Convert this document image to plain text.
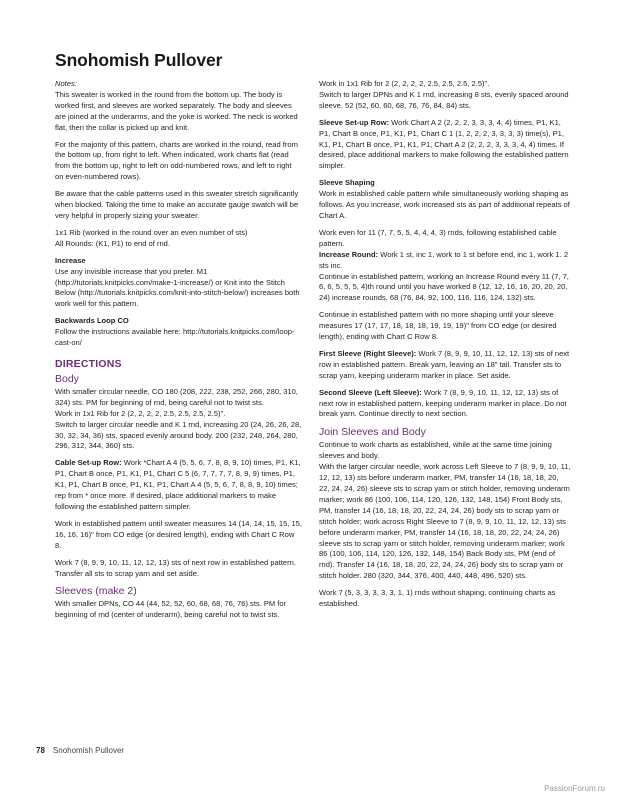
Snohomish Pullover

Notes:

This sweater is worked in the round from the bottom up. The body is worked first, and sleeves are worked separately. The body and sleeves are joined at the underarms, and the yoke is worked. The neck is worked flat, then the collar is picked up and knit.

For the majority of this pattern, charts are worked in the round, read from the bottom up, from right to left. When indicated, work charts flat (read from the bottom up, right to left on odd-numbered rows, and left to right on even-numbered rows).

Be aware that the cable patterns used in this sweater stretch significantly when blocked. Taking the time to make an accurate gauge swatch will be very helpful in properly sizing your sweater.

1x1 Rib (worked in the round over an even number of sts)

All Rounds: (K1, P1) to end of rnd.

Increase

Use any invisible increase that you prefer. M1 (http://tutorials.knitpicks.com/make-1-increase/) or Knit into the Stitch Below (http://tutorials.knitpicks.com/knit-into-stitch-below/) increases both work well for this pattern.

Backwards Loop CO

Follow the instructions available here: http://tutorials.knitpicks.com/loop-cast-on/

DIRECTIONS
Body

With smaller circular needle, CO 180 (208, 222, 238, 252, 266, 280, 310, 324) sts. PM for beginning of rnd, being careful not to twist sts.

Work in 1x1 Rib for 2 (2, 2, 2, 2, 2.5, 2.5, 2.5, 2.5)".

Switch to larger circular needle and K 1 rnd, increasing 20 (24, 26, 26, 28, 30, 32, 34, 36) sts, spaced evenly around body. 200 (232, 248, 264, 280, 296, 312, 344, 360) sts.

Cable Set-up Row: Work *Chart A 4 (5, 5, 6, 7, 8, 8, 9, 10) times, P1, K1, P1, Chart B once, P1, K1, P1, Chart C 5 (6, 7, 7, 7, 7, 8, 9, 9) times, P1, K1, P1, Chart B once, P1, K1, P1, Chart A 4 (5, 5, 6, 7, 8, 8, 9, 10) times; rep from * once more. If desired, place additional markers to make following the established pattern simpler.

Work in established pattern until sweater measures 14 (14, 14, 15, 15, 15, 16, 16, 16)" from CO edge (or desired length), ending with Chart C Row 8.

Work 7 (8, 9, 9, 10, 11, 12, 12, 13) sts of next row in established pattern. Transfer all sts to scrap yarn and set aside.

Sleeves (make 2)

With smaller DPNs, CO 44 (44, 52, 52, 60, 68, 68, 76, 76) sts. PM for beginning of rnd (center of underarm), being careful not to twist sts.

Work in 1x1 Rib for 2 (2, 2, 2, 2, 2.5, 2.5, 2.5, 2.5)".

Switch to larger DPNs and K 1 rnd, increasing 8 sts, evenly spaced around sleeve. 52 (52, 60, 60, 68, 76, 76, 84, 84) sts.

Sleeve Set-up Row: Work Chart A 2 (2, 2, 2, 3, 3, 3, 4, 4) times, P1, K1, P1, Chart B once, P1, K1, P1, Chart C 1 (1, 2, 2, 2, 3, 3, 3, 3) time(s), P1, K1, P1, Chart B once, P1, K1, P1, Chart A 2 (2, 2, 2, 3, 3, 3, 4, 4) times. If desired, place additional markers to make following the established pattern simpler.

Sleeve Shaping

Work in established cable pattern while simultaneously working shaping as follows. As you increase, work increased sts as part of additional repeats of Chart A.

Work even for 11 (7, 7, 5, 5, 4, 4, 4, 3) rnds, following established cable pattern.

Increase Round: Work 1 st, inc 1, work to 1 st before end, inc 1, work 1. 2 sts inc.

Continue in established pattern, working an Increase Round every 11 (7, 7, 6, 6, 5, 5, 5, 4)th round until you have worked 8 (12, 12, 16, 16, 20, 20, 20, 24) increase rounds. 68 (76, 84, 92, 100, 116, 116, 124, 132) sts.

Continue in established pattern with no more shaping until your sleeve measures 17 (17, 17, 18, 18, 18, 19, 19, 19)" from CO edge (or desired length), ending with Chart C Row 8.

First Sleeve (Right Sleeve): Work 7 (8, 9, 9, 10, 11, 12, 12, 13) sts of next row in established pattern. Break yarn, leaving an 18" tail. Transfer sts to scrap yarn, keeping underarm marker in place. Set aside.

Second Sleeve (Left Sleeve): Work 7 (8, 9, 9, 10, 11, 12, 12, 13) sts of next row in established pattern, keeping underarm marker in place. Do not break yarn. Continue directly to next section.

Join Sleeves and Body

Continue to work charts as established, while at the same time joining sleeves and body.

With the larger circular needle, work across Left Sleeve to 7 (8, 9, 9, 10, 11, 12, 12, 13) sts before underarm marker, PM, transfer 14 (16, 18, 18, 20, 22, 24, 24, 26) sleeve sts to scrap yarn or stitch holder, removing underarm marker; work 86 (100, 106, 114, 120, 126, 132, 148, 154) Front Body sts, PM, transfer 14 (16, 18, 18, 20, 22, 24, 24, 26) body sts to scrap yarn or stitch holder; work across Right Sleeve to 7 (8, 9, 9, 10, 11, 12, 12, 13) sts before underarm marker, PM, transfer 14 (16, 18, 18, 20, 22, 24, 24, 26) sleeve sts to scrap yarn or stitch holder, removing underarm marker; work 86 (100, 106, 114, 120, 126, 132, 148, 154) Back Body sts, PM (end of rnd). Transfer 14 (16, 18, 18, 20, 22, 24, 24, 26) body sts to scrap yarn or stitch holder. 280 (320, 344, 376, 400, 440, 448, 496, 520) sts.

Work 7 (5, 3, 3, 3, 3, 3, 1, 1) rnds without shaping, continuing charts as established.

78 Snohomish Pullover
PassionForum.ru
